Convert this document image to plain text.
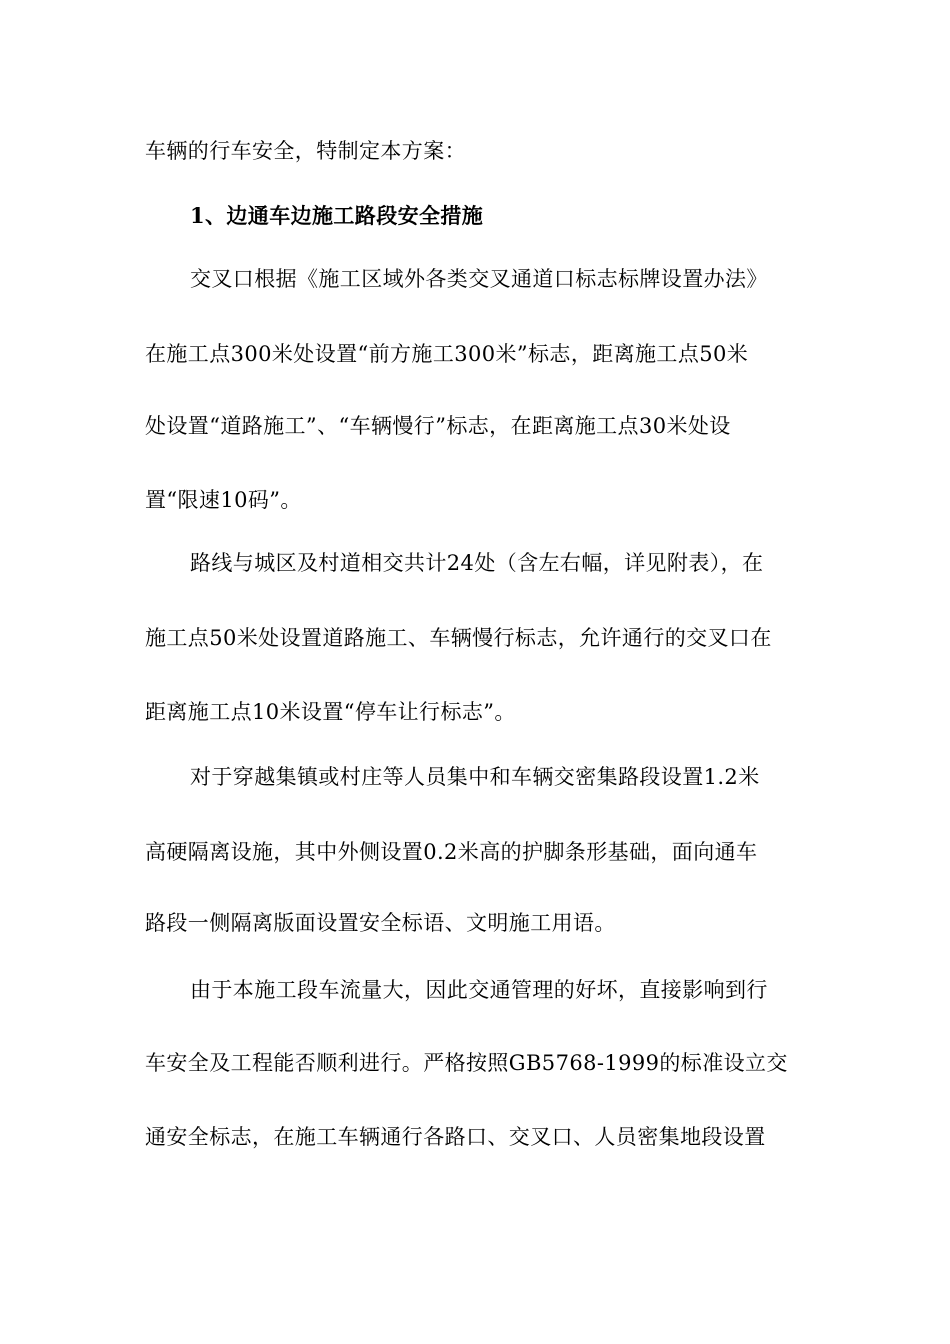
车辆的行车安全，特制定本方案：
1、边通车边施工路段安全措施
交叉口根据《施工区域外各类交叉通道口标志标牌设置办法》
在施工点300米处设置“前方施工300米”标志，距离施工点50米
处设置“道路施工”、“车辆慢行”标志，在距离施工点30米处设
置“限速10码”。
路线与城区及村道相交共计24处（含左右幅，详见附表），在
施工点50米处设置道路施工、车辆慢行标志，允许通行的交叉口在
距离施工点10米设置“停车让行标志”。
对于穿越集镇或村庄等人员集中和车辆交密集路段设置1.2米
高硬隔离设施，其中外侧设置0.2米高的护脚条形基础，面向通车
路段一侧隔离版面设置安全标语、文明施工用语。
由于本施工段车流量大，因此交通管理的好坏，直接影响到行
车安全及工程能否顺利进行。严格按照GB5768-1999的标准设立交
通安全标志，在施工车辆通行各路口、交叉口、人员密集地段设置
